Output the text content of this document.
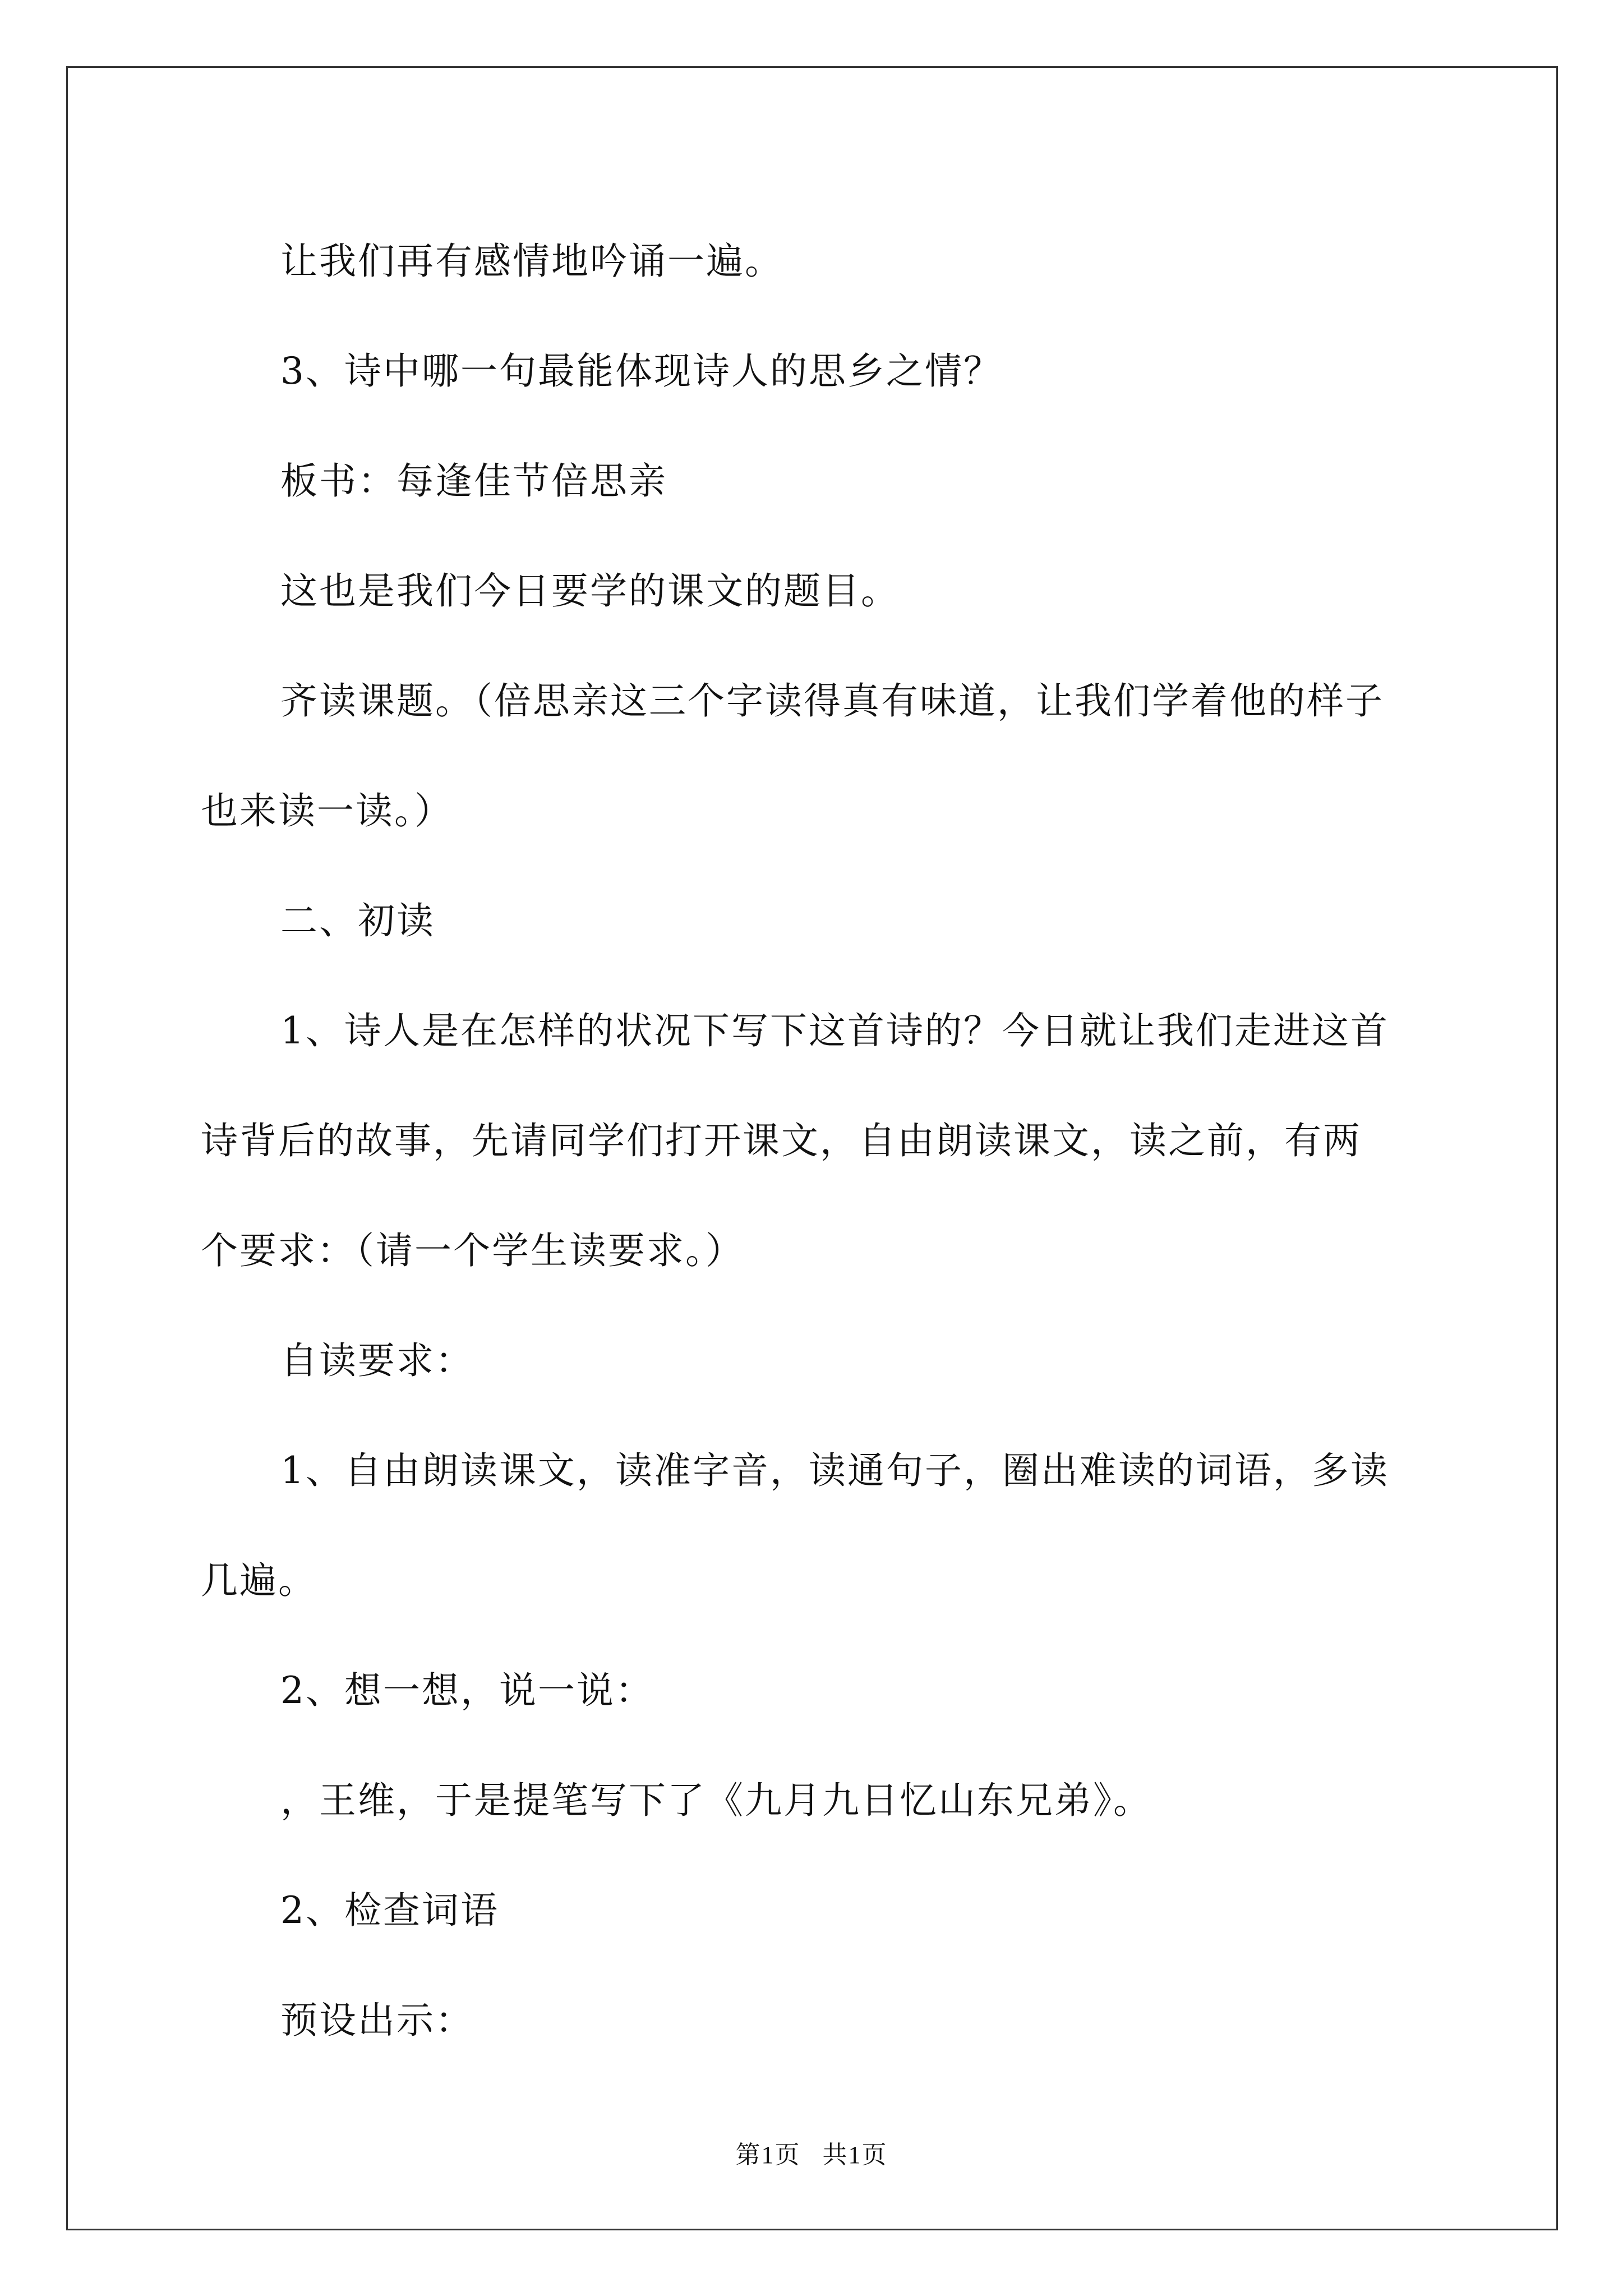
让我们再有感情地吟诵一遍。

3、诗中哪一句最能体现诗人的思乡之情？

板书：每逢佳节倍思亲

这也是我们今日要学的课文的题目。

齐读课题。（倍思亲这三个字读得真有味道，让我们学着他的样子
也来读一读。）

二、初读

1、诗人是在怎样的状况下写下这首诗的？今日就让我们走进这首
诗背后的故事，先请同学们打开课文，自由朗读课文，读之前，有两
个要求：（请一个学生读要求。）

自读要求：

1、自由朗读课文，读准字音，读通句子，圈出难读的词语，多读
几遍。

2、想一想，说一说：

，王维，于是提笔写下了《九月九日忆山东兄弟》。

2、检查词语

预设出示：

第1页 共1页
